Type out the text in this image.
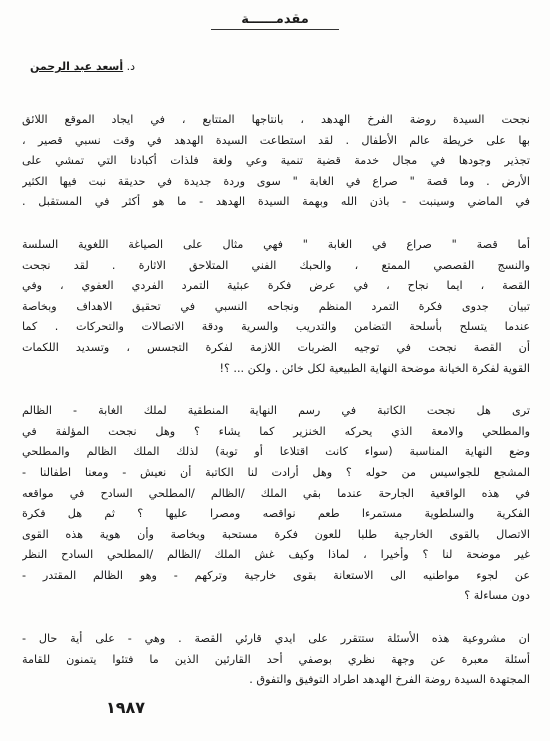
مقدمــــــة
د. أسعد عبد الرحمن
نجحت السيدة روضة الفرخ الهدهد ، بانتاجها المتتابع ، في ايجاد الموقع اللائق
بها على خريطة عالم الأطفال . لقد استطاعت السيدة الهدهد في وقت نسبي قصير ،
تجذير وجودها في مجال خدمة قضية تنمية وعي ولغة فلذات أكبادنا التي تمشي على
الأرض . وما قصة " صراع في الغابة " سوى وردة جديدة في حديقة نبت فيها الكثير
في الماضي وسينبت - باذن الله وبهمة السيدة الهدهد - ما هو أكثر في المستقبل .
أما قصة " صراع في الغابة " فهي مثال على الصياغة اللغوية السلسة
والنسج القصصي الممتع ، والحبك الفني المتلاحق الاثارة . لقد نجحت
القصة ، ايما نجاح ، في عرض فكرة عبثية التمرد الفردي العفوي ، وفي
تبيان جدوى فكرة التمرد المنظم ونجاحه النسبي في تحقيق الاهداف وبخاصة
عندما يتسلح بأسلحة التضامن والتدريب والسرية ودقة الاتصالات والتحركات . كما
أن القصة نجحت في توجيه الضربات اللازمة لفكرة التجسس ، وتسديد اللكمات
القوية لفكرة الخيانة موضحة النهاية الطبيعية لكل خائن . ولكن ... ؟!
ترى هل نجحت الكاتبة في رسم النهاية المنطقية لملك الغابة - الظالم
والمطلحي والامعة الذي يحركه الخنزير كما يشاء ؟ وهل نجحت المؤلفة في
وضع النهاية المناسبة (سواء كانت اقتلاعا أو توبة) لذلك الملك الظالم والمطلحي
المشجع للجواسيس من حوله ؟ وهل أرادت لنا الكاتبة أن نعيش - ومعنا اطفالنا -
في هذه الواقعية الجارحة عندما بقي الملك /الظالم /المطلحي السادح في مواقعه
الفكرية والسلطوية مستمرءا طعم نواقصه ومصرا عليها ؟ ثم هل فكرة
الاتصال بالقوى الخارجية طلبا للعون فكرة مستحبة وبخاصة وأن هوية هذه القوى
غير موضحة لنا ؟ وأخيرا ، لماذا وكيف غش الملك /الظالم /المطلحي السادح النظر
عن لجوء مواطنيه الى الاستعانة بقوى خارجية وتركهم - وهو الظالم المقتدر -
دون مساءلة ؟
ان مشروعية هذه الأسئلة ستتقرر على ايدي قارئي القصة . وهي - على أية حال -
أسئلة معبرة عن وجهة نظري بوصفي أحد القارئين الذين ما فتئوا يتمنون للقامة
المجتهدة السيدة روضة الفرخ الهدهد اطراد التوفيق والتفوق .
١٩٨٧
